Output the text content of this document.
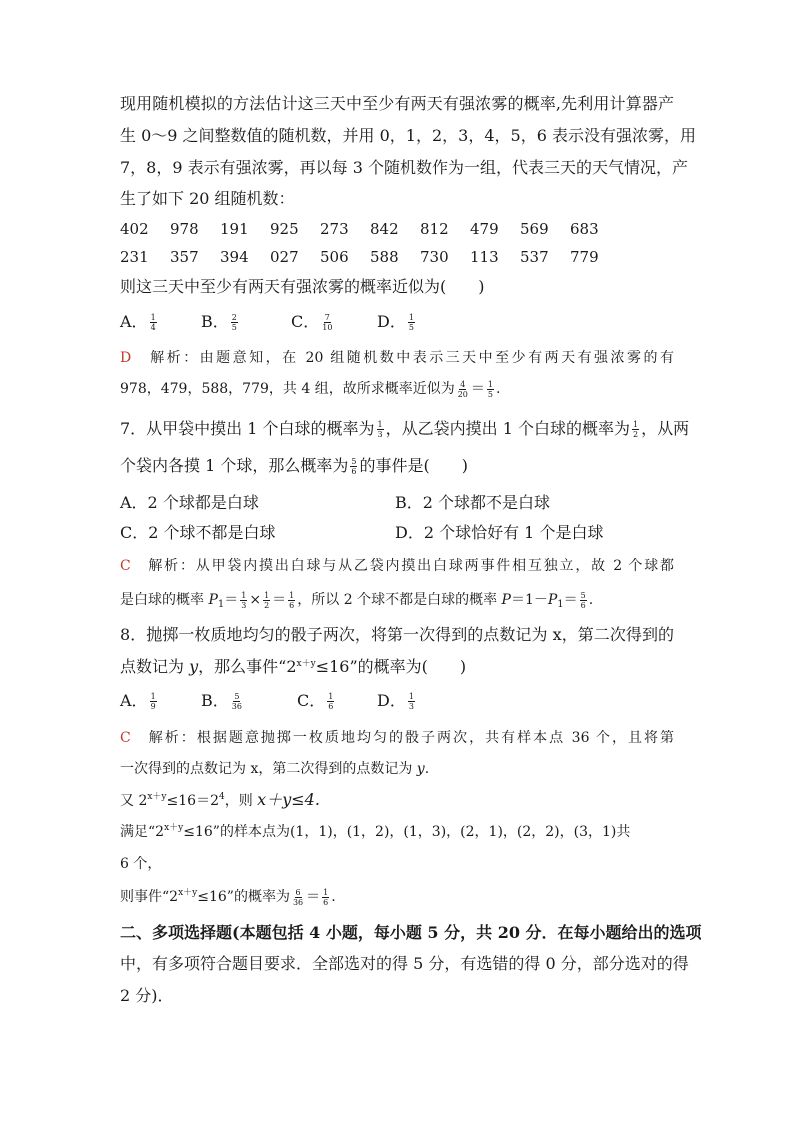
现用随机模拟的方法估计这三天中至少有两天有强浓雾的概率,先利用计算器产
生 0～9 之间整数值的随机数，并用 0，1，2，3，4，5，6 表示没有强浓雾，用
7，8，9 表示有强浓雾，再以每 3 个随机数作为一组，代表三天的天气情况，产
生了如下 20 组随机数：
402	978	191	925	273	842	812	479	569	683
231	357	394	027	506	588	730	113	537	779
则这三天中至少有两天有强浓雾的概率近似为(　　)
A． $\frac{1}{4}$	B． $\frac{2}{5}$	C． $\frac{7}{10}$	D． $\frac{1}{5}$
D　 解析：由题意知，在 20 组随机数中表示三天中至少有两天有强浓雾的有
978，479，588，779，共 4 组，故所求概率近似为 $\frac{4}{20} = \frac{1}{5}$ .
7．从甲袋中摸出 1 个白球的概率为 $\frac{1}{3}$ ，从乙袋内摸出 1 个白球的概率为 $\frac{1}{2}$ ，从两
个袋内各摸 1 个球，那么概率为 $\frac{5}{6}$ 的事件是(　　)
A．2 个球都是白球	B．2 个球都不是白球
C．2 个球不都是白球	D．2 个球恰好有 1 个是白球
C　 解析：从甲袋内摸出白球与从乙袋内摸出白球两事件相互独立，故 2 个球都
是白球的概率 $P_1= \frac{1}{3} \times \frac{1}{2} = \frac{1}{6}$ ，所以 2 个球不都是白球的概率 $P=1-P_1= \frac{5}{6}$ .
8．抛掷一枚质地均匀的骰子两次，将第一次得到的点数记为 x，第二次得到的
点数记为 y，那么事件“$2^{x+y}\le 16$”的概率为(　　)
A． $\frac{1}{9}$	B． $\frac{5}{36}$	C． $\frac{1}{6}$	D． $\frac{1}{3}$
C　 解析：根据题意抛掷一枚质地均匀的骰子两次，共有样本点 36 个，且将第
一次得到的点数记为 x，第二次得到的点数记为 y.
又 $2^{x+y}\le 16=2^4$，则 x＋y≤4.
满足“$2^{x+y}\le 16$”的样本点为(1，1)，(1，2)，(1，3)，(2，1)，(2，2)，(3，1)共
6 个，
则事件“$2^{x+y}\le 16$”的概率为 $\frac{6}{36} = \frac{1}{6}$ .
二、多项选择题(本题包括 4 小题，每小题 5 分，共 20 分．在每小题给出的选项
中，有多项符合题目要求．全部选对的得 5 分，有选错的得 0 分，部分选对的得
2 分)．
